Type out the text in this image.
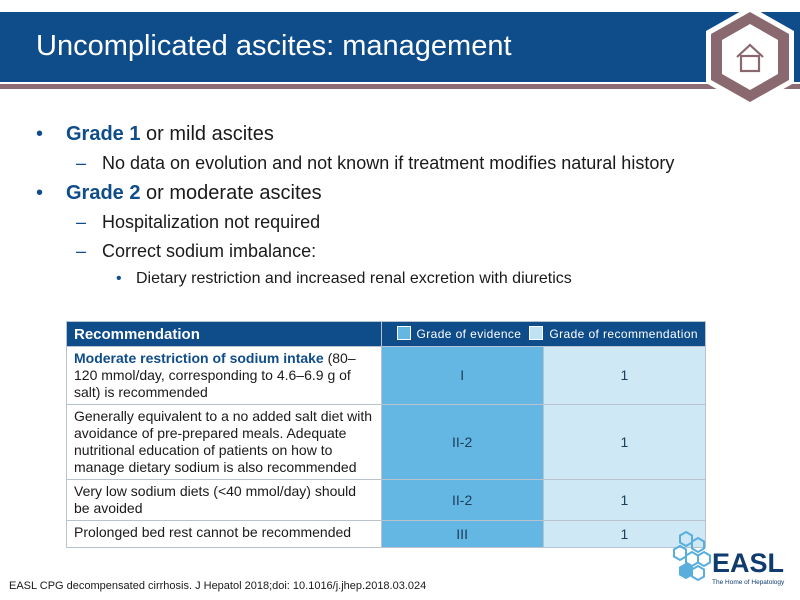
Uncomplicated ascites: management
• Grade 1 or mild ascites
– No data on evolution and not known if treatment modifies natural history
• Grade 2 or moderate ascites
– Hospitalization not required
– Correct sodium imbalance:
• Dietary restriction and increased renal excretion with diuretics
Recommendation	Grade of evidence Grade of recommendation	
Moderate restriction of sodium intake (80–120 mmol/day, corresponding to 4.6–6.9 g of salt) is recommended	I	1
Generally equivalent to a no added salt diet with avoidance of pre-prepared meals. Adequate nutritional education of patients on how to manage dietary sodium is also recommended	II-2	1
Very low sodium diets (<40 mmol/day) should be avoided	II-2	1
Prolonged bed rest cannot be recommended	III	1
EASL CPG decompensated cirrhosis. J Hepatol 2018;doi: 10.1016/j.jhep.2018.03.024
EASL
The Home of Hepatology
